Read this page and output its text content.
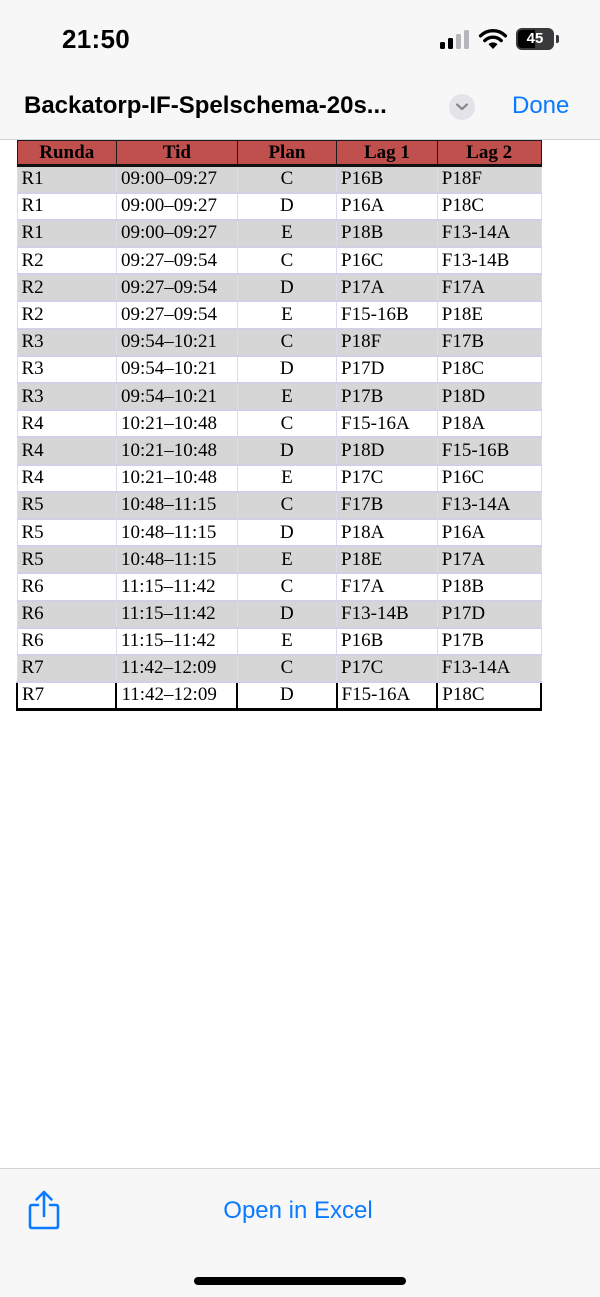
21:50	45
Backatorp-IF-Spelschema-20s...	Done
Runda	Tid	Plan	Lag 1	Lag 2
R1	09:00–09:27	C	P16B	P18F
R1	09:00–09:27	D	P16A	P18C
R1	09:00–09:27	E	P18B	F13-14A
R2	09:27–09:54	C	P16C	F13-14B
R2	09:27–09:54	D	P17A	F17A
R2	09:27–09:54	E	F15-16B	P18E
R3	09:54–10:21	C	P18F	F17B
R3	09:54–10:21	D	P17D	P18C
R3	09:54–10:21	E	P17B	P18D
R4	10:21–10:48	C	F15-16A	P18A
R4	10:21–10:48	D	P18D	F15-16B
R4	10:21–10:48	E	P17C	P16C
R5	10:48–11:15	C	F17B	F13-14A
R5	10:48–11:15	D	P18A	P16A
R5	10:48–11:15	E	P18E	P17A
R6	11:15–11:42	C	F17A	P18B
R6	11:15–11:42	D	F13-14B	P17D
R6	11:15–11:42	E	P16B	P17B
R7	11:42–12:09	C	P17C	F13-14A
R7	11:42–12:09	D	F15-16A	P18C
Open in Excel
